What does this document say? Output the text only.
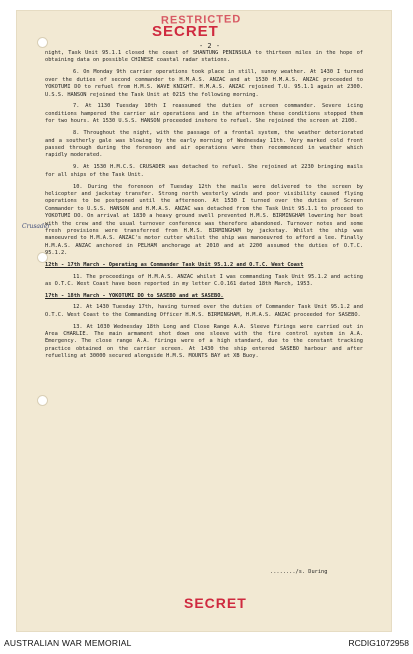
RESTRICTED
SECRET
- 2 -
Crusader

night, Task Unit 95.1.1 closed the coast of SHANTUNG PENINSULA to thirteen miles in the hope of obtaining data on possible CHINESE coastal radar stations.

6. On Monday 9th carrier operations took place in still, sunny weather. At 1430 I turned over the duties of second commander to H.M.A.S. ANZAC and at 1530 H.M.A.S. ANZAC proceeded to YOKOTUMI DO to refuel from H.M.S. WAVE KNIGHT. H.M.A.S. ANZAC rejoined T.U. 95.1.1 again at 2300. U.S.S. HANSON rejoined the Task Unit at 0215 the following morning.

7. At 1130 Tuesday 10th I reassumed the duties of screen commander. Severe icing conditions hampered the carrier air operations and in the afternoon these conditions stopped them for two hours. At 1530 U.S.S. HANSON proceeded inshore to refuel. She rejoined the screen at 2100.

8. Throughout the night, with the passage of a frontal system, the weather deteriorated and a southerly gale was blowing by the early morning of Wednesday 11th. Very marked cold front passed through during the forenoon and air operations were then recommenced in weather which rapidly moderated.

9. At 1530 H.M.C.S. CRUSADER was detached to refuel. She rejoined at 2230 bringing mails for all ships of the Task Unit.

10. During the forenoon of Tuesday 12th the mails were delivered to the screen by helicopter and jackstay transfer. Strong north westerly winds and poor visibility caused flying operations to be postponed until the afternoon. At 1530 I turned over the duties of Screen Commander to U.S.S. HANSON and H.M.A.S. ANZAC was detached from the Task Unit 95.1.1 to proceed to YOKOTUMI DO. On arrival at 1830 a heavy ground swell prevented H.M.S. BIRMINGHAM lowering her boat with the crew and the usual turnover conference was therefore abandoned. Turnover notes and some fresh provisions were transferred from H.M.S. BIRMINGHAM by jackstay. Whilst the ship was manoeuvred to H.M.A.S. ANZAC's motor cutter whilst the ship was manoeuvred to afford a lee. Finally H.M.A.S. ANZAC anchored in PELHAM anchorage at 2010 and at 2200 assumed the duties of O.T.C. 95.1.2.

12th - 17th March - Operating as Commander Task Unit 95.1.2 and O.T.C. West Coast

11. The proceedings of H.M.A.S. ANZAC whilst I was commanding Task Unit 95.1.2 and acting as O.T.C. West Coast have been reported in my letter C.O.161 dated 18th March, 1953.

17th - 18th March - YOKOTUMI DO to SASEBO and at SASEBO.

12. At 1430 Tuesday 17th, having turned over the duties of Commander Task Unit 95.1.2 and O.T.C. West Coast to the Commanding Officer H.M.S. BIRMINGHAM, H.M.A.S. ANZAC proceeded for SASEBO.

13. At 1030 Wednesday 18th Long and Close Range A.A. Sleeve Firings were carried out in Area CHARLIE. The main armament shot down one sleeve with the fire control system in A.A. Emergency. The close range A.A. firings were of a high standard, due to the constant tracking practice obtained on the carrier screen. At 1430 the ship entered SASEBO harbour and after refuelling at 30000 secured alongside H.M.S. MOUNTS BAY at XB Buoy.

......../s. During
SECRET
AUSTRALIAN WAR MEMORIAL	RCDIG1072958
